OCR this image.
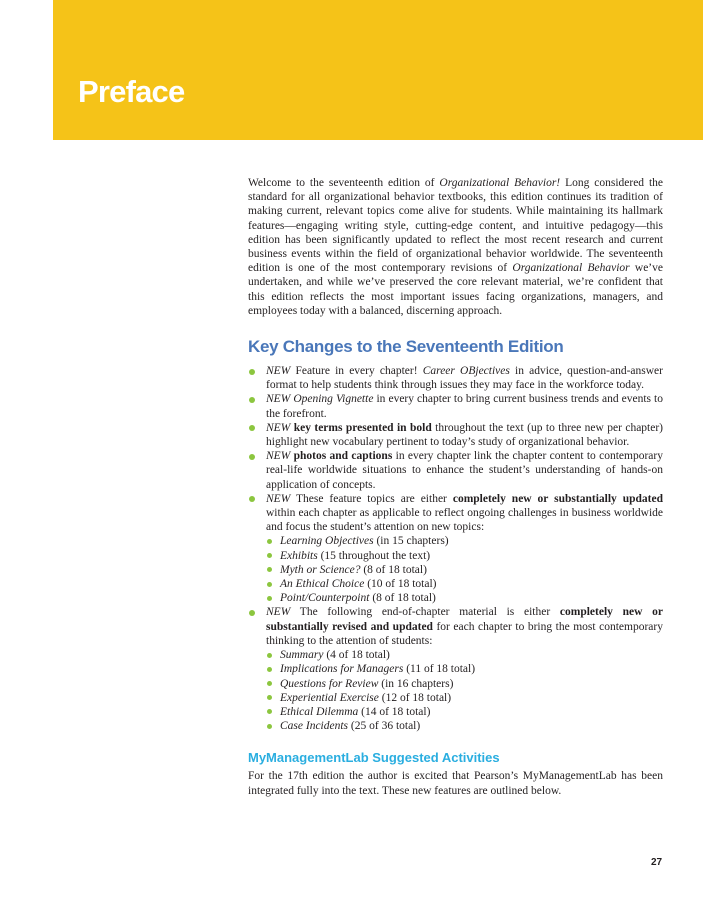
Preface

Welcome to the seventeenth edition of Organizational Behavior! Long considered the standard for all organizational behavior textbooks, this edition continues its tradition of making current, relevant topics come alive for students. While maintaining its hallmark features—engaging writing style, cutting-edge content, and intuitive pedagogy—this edition has been significantly updated to reflect the most recent research and current business events within the field of organizational behavior worldwide. The seventeenth edition is one of the most contemporary revisions of Organizational Behavior we’ve undertaken, and while we’ve preserved the core relevant material, we’re confident that this edition reflects the most important issues facing organizations, managers, and employees today with a balanced, discerning approach.

Key Changes to the Seventeenth Edition
NEW Feature in every chapter! Career OBjectives in advice, question-and-answer format to help students think through issues they may face in the workforce today.
NEW Opening Vignette in every chapter to bring current business trends and events to the forefront.
NEW key terms presented in bold throughout the text (up to three new per chapter) highlight new vocabulary pertinent to today’s study of organizational behavior.
NEW photos and captions in every chapter link the chapter content to contemporary real-life worldwide situations to enhance the student’s understanding of hands-on application of concepts.
NEW These feature topics are either completely new or substantially updated within each chapter as applicable to reflect ongoing challenges in business worldwide and focus the student’s attention on new topics:
Learning Objectives (in 15 chapters)
Exhibits (15 throughout the text)
Myth or Science? (8 of 18 total)
An Ethical Choice (10 of 18 total)
Point/Counterpoint (8 of 18 total)
NEW The following end-of-chapter material is either completely new or substantially revised and updated for each chapter to bring the most contemporary thinking to the attention of students:
Summary (4 of 18 total)
Implications for Managers (11 of 18 total)
Questions for Review (in 16 chapters)
Experiential Exercise (12 of 18 total)
Ethical Dilemma (14 of 18 total)
Case Incidents (25 of 36 total)
MyManagementLab Suggested Activities

For the 17th edition the author is excited that Pearson’s MyManagementLab has been integrated fully into the text. These new features are outlined below.

27
